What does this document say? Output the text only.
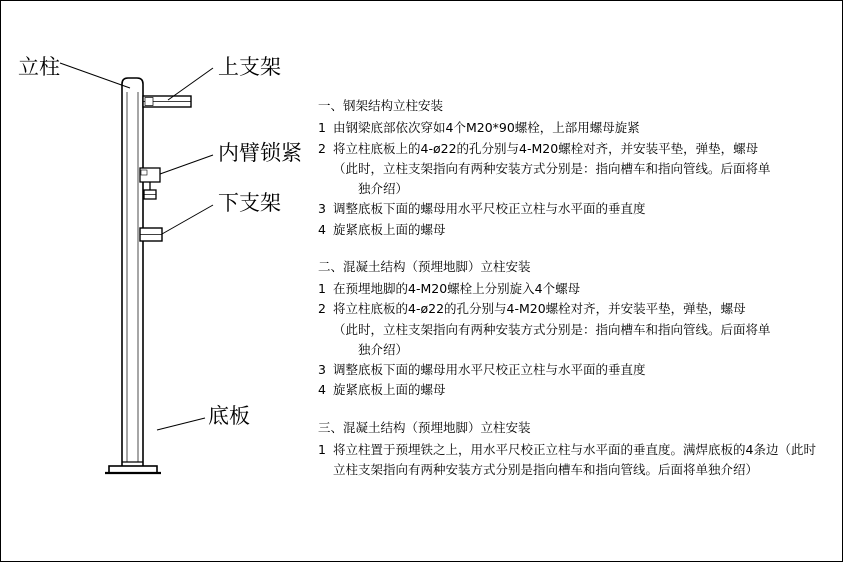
立柱	上支架
内臂锁紧
下支架
底板
一、钢架结构立柱安装
1 由钢梁底部依次穿如4个M20*90螺栓，上部用螺母旋紧
2 将立柱底板上的4-ø22的孔分别与4-M20螺栓对齐，并安装平垫，弹垫，螺母
（此时，立柱支架指向有两种安装方式分别是：指向槽车和指向管线。后面将单
独介绍）
3 调整底板下面的螺母用水平尺校正立柱与水平面的垂直度
4 旋紧底板上面的螺母
二、混凝土结构（预埋地脚）立柱安装
1 在预埋地脚的4-M20螺栓上分别旋入4个螺母
2 将立柱底板的4-ø22的孔分别与4-M20螺栓对齐，并安装平垫，弹垫，螺母
（此时，立柱支架指向有两种安装方式分别是：指向槽车和指向管线。后面将单
独介绍）
3 调整底板下面的螺母用水平尺校正立柱与水平面的垂直度
4 旋紧底板上面的螺母
三、混凝土结构（预埋地脚）立柱安装
1 将立柱置于预埋铁之上，用水平尺校正立柱与水平面的垂直度。满焊底板的4条边（此时
立柱支架指向有两种安装方式分别是指向槽车和指向管线。后面将单独介绍）
